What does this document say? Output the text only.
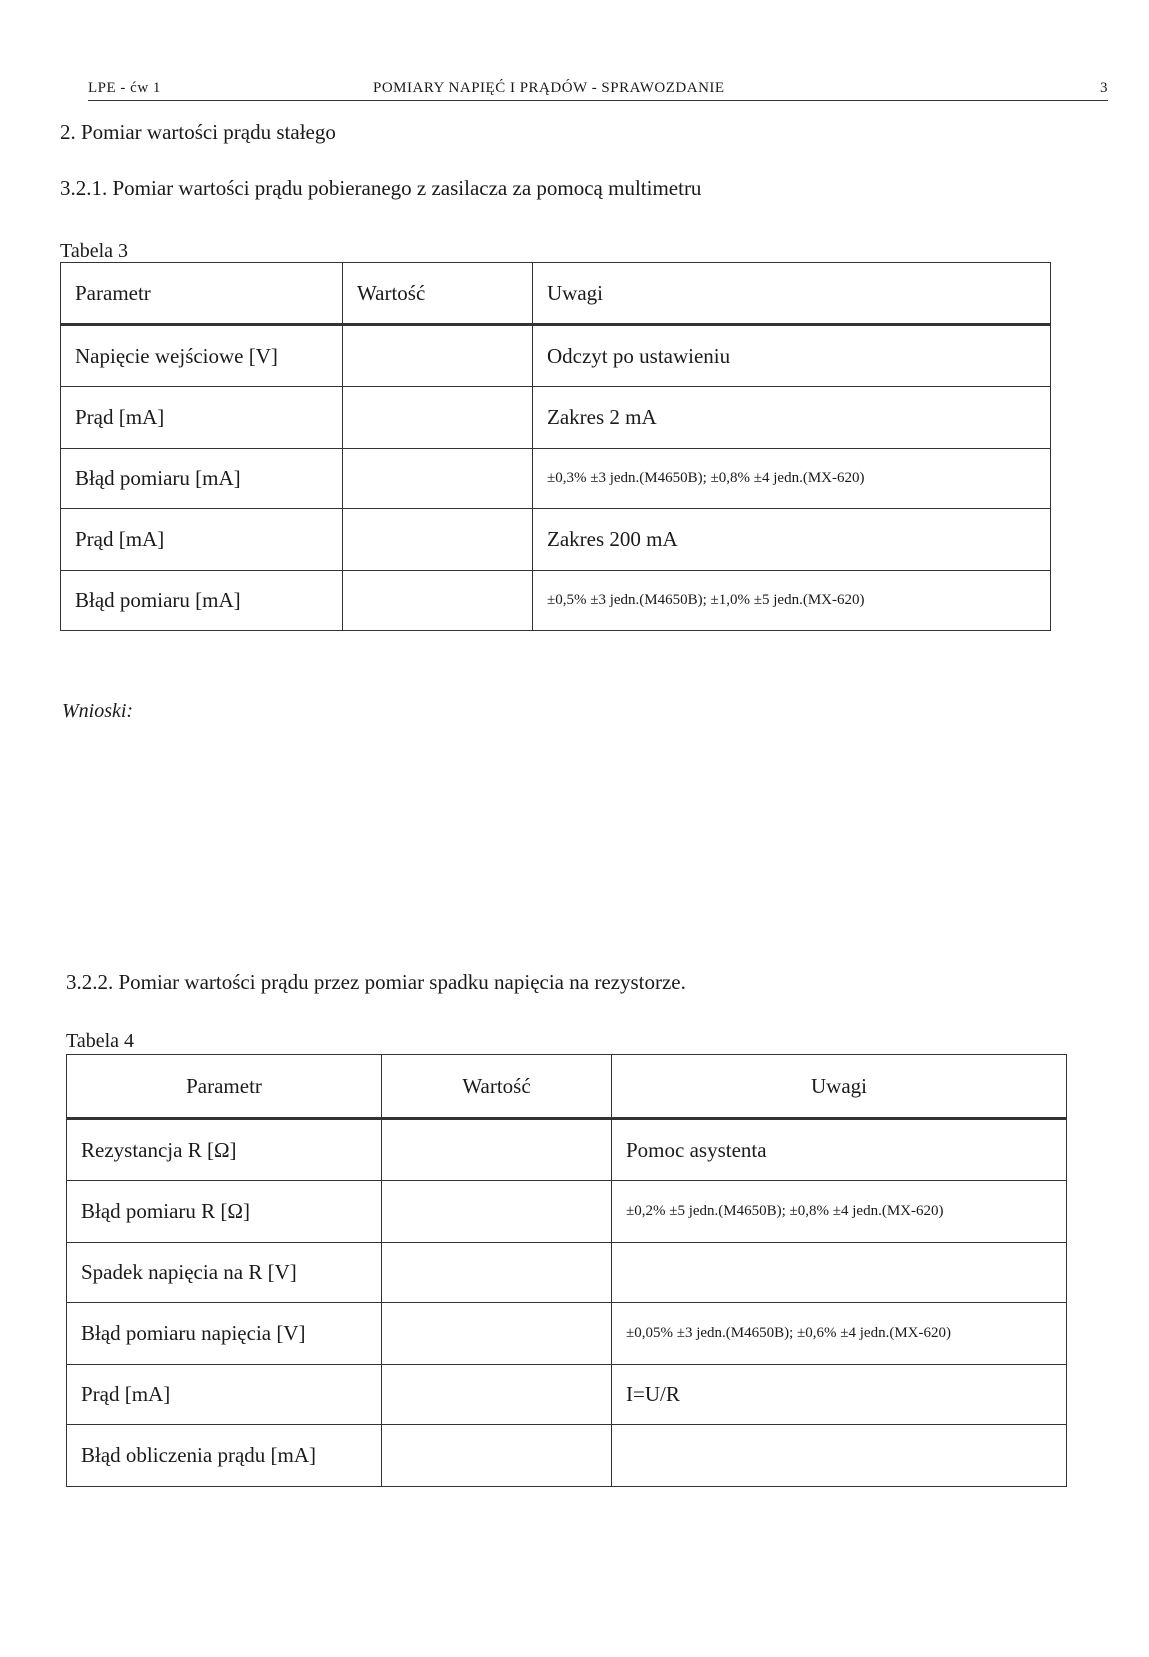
LPE - ćw 1	POMIARY NAPIĘĆ I PRĄDÓW - SPRAWOZDANIE	3
2. Pomiar wartości prądu stałego
3.2.1. Pomiar wartości prądu pobieranego z zasilacza za pomocą multimetru
Tabela 3
Parametr	Wartość	Uwagi
Napięcie wejściowe [V]		Odczyt po ustawieniu
Prąd [mA]		Zakres 2 mA
Błąd pomiaru [mA]		±0,3% ±3 jedn.(M4650B); ±0,8% ±4 jedn.(MX-620)
Prąd [mA]		Zakres 200 mA
Błąd pomiaru [mA]		±0,5% ±3 jedn.(M4650B); ±1,0% ±5 jedn.(MX-620)
Wnioski:
3.2.2. Pomiar wartości prądu przez pomiar spadku napięcia na rezystorze.
Tabela 4
Parametr	Wartość	Uwagi
Rezystancja R [Ω]		Pomoc asystenta
Błąd pomiaru R [Ω]		±0,2% ±5 jedn.(M4650B); ±0,8% ±4 jedn.(MX-620)
Spadek napięcia na R [V]		
Błąd pomiaru napięcia [V]		±0,05% ±3 jedn.(M4650B); ±0,6% ±4 jedn.(MX-620)
Prąd [mA]		I=U/R
Błąd obliczenia prądu [mA]		
